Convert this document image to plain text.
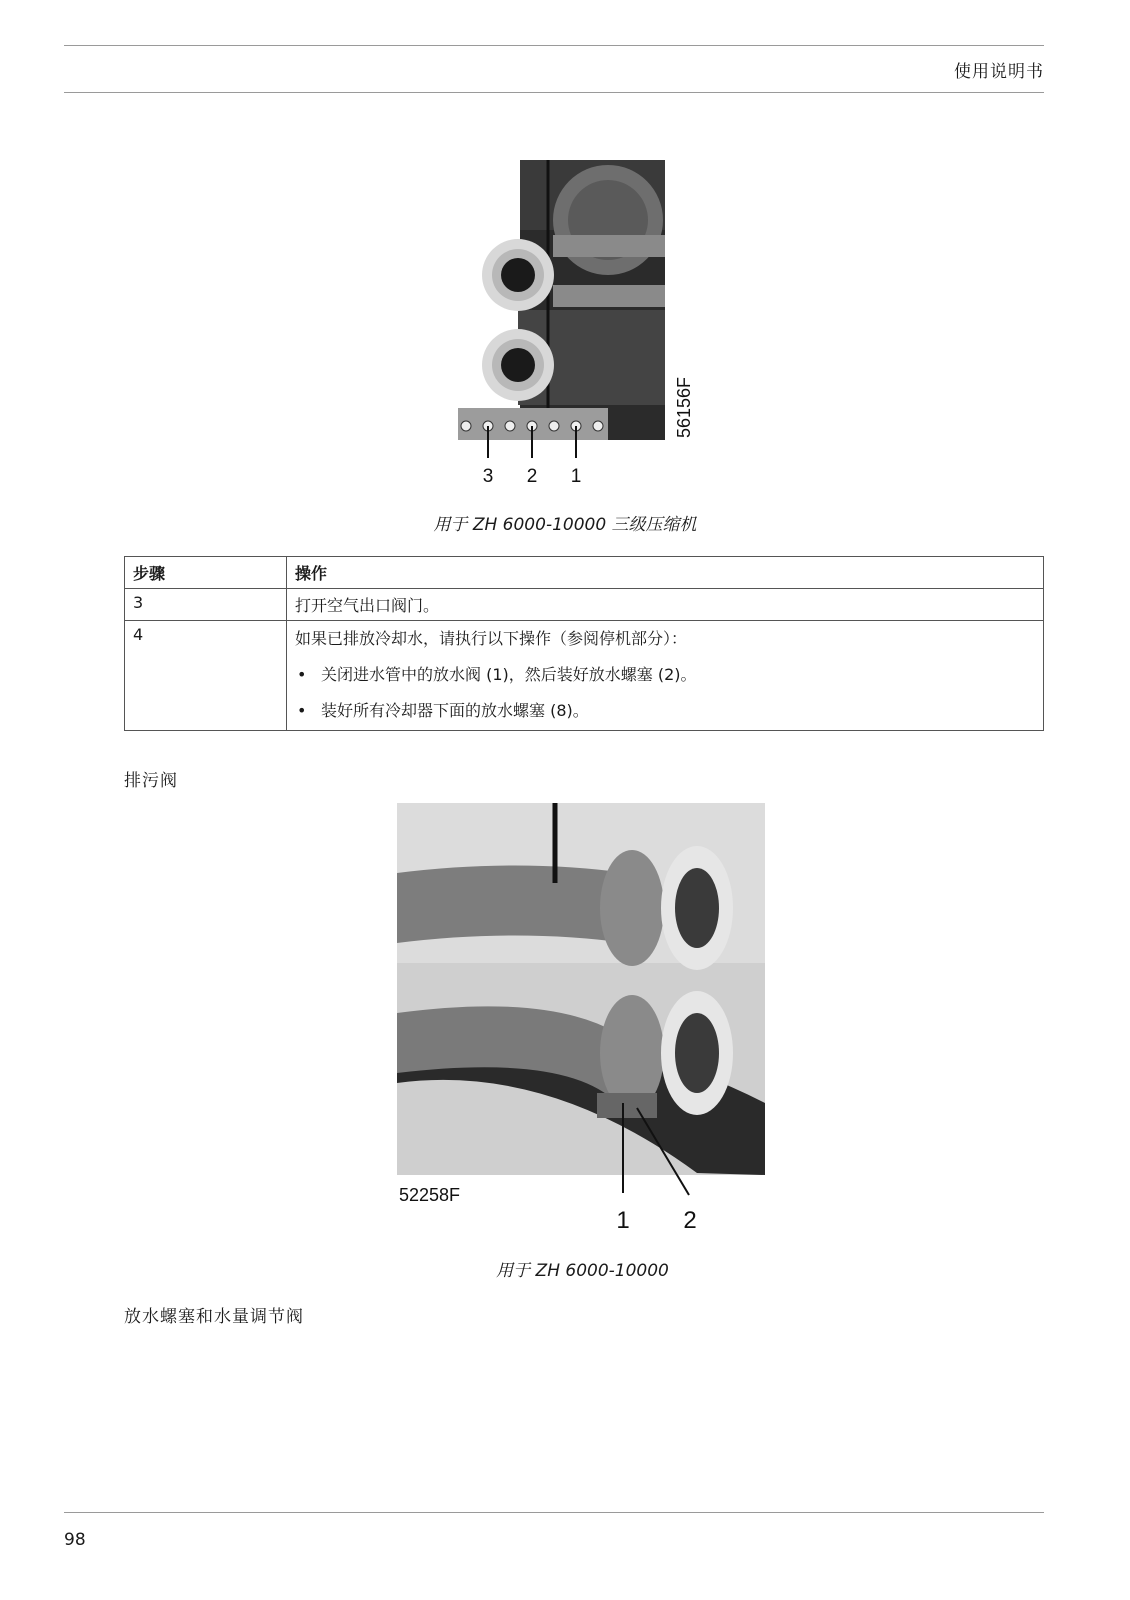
使用说明书
3 2 1
56156F
用于 ZH 6000-10000 三级压缩机
步骤	操作
3	打开空气出口阀门。
4	如果已排放冷却水，请执行以下操作（参阅停机部分）：
• 关闭进水管中的放水阀 (1)，然后装好放水螺塞 (2)。
• 装好所有冷却器下面的放水螺塞 (8)。
排污阀
52258F
1 2
用于 ZH 6000-10000
放水螺塞和水量调节阀
98
